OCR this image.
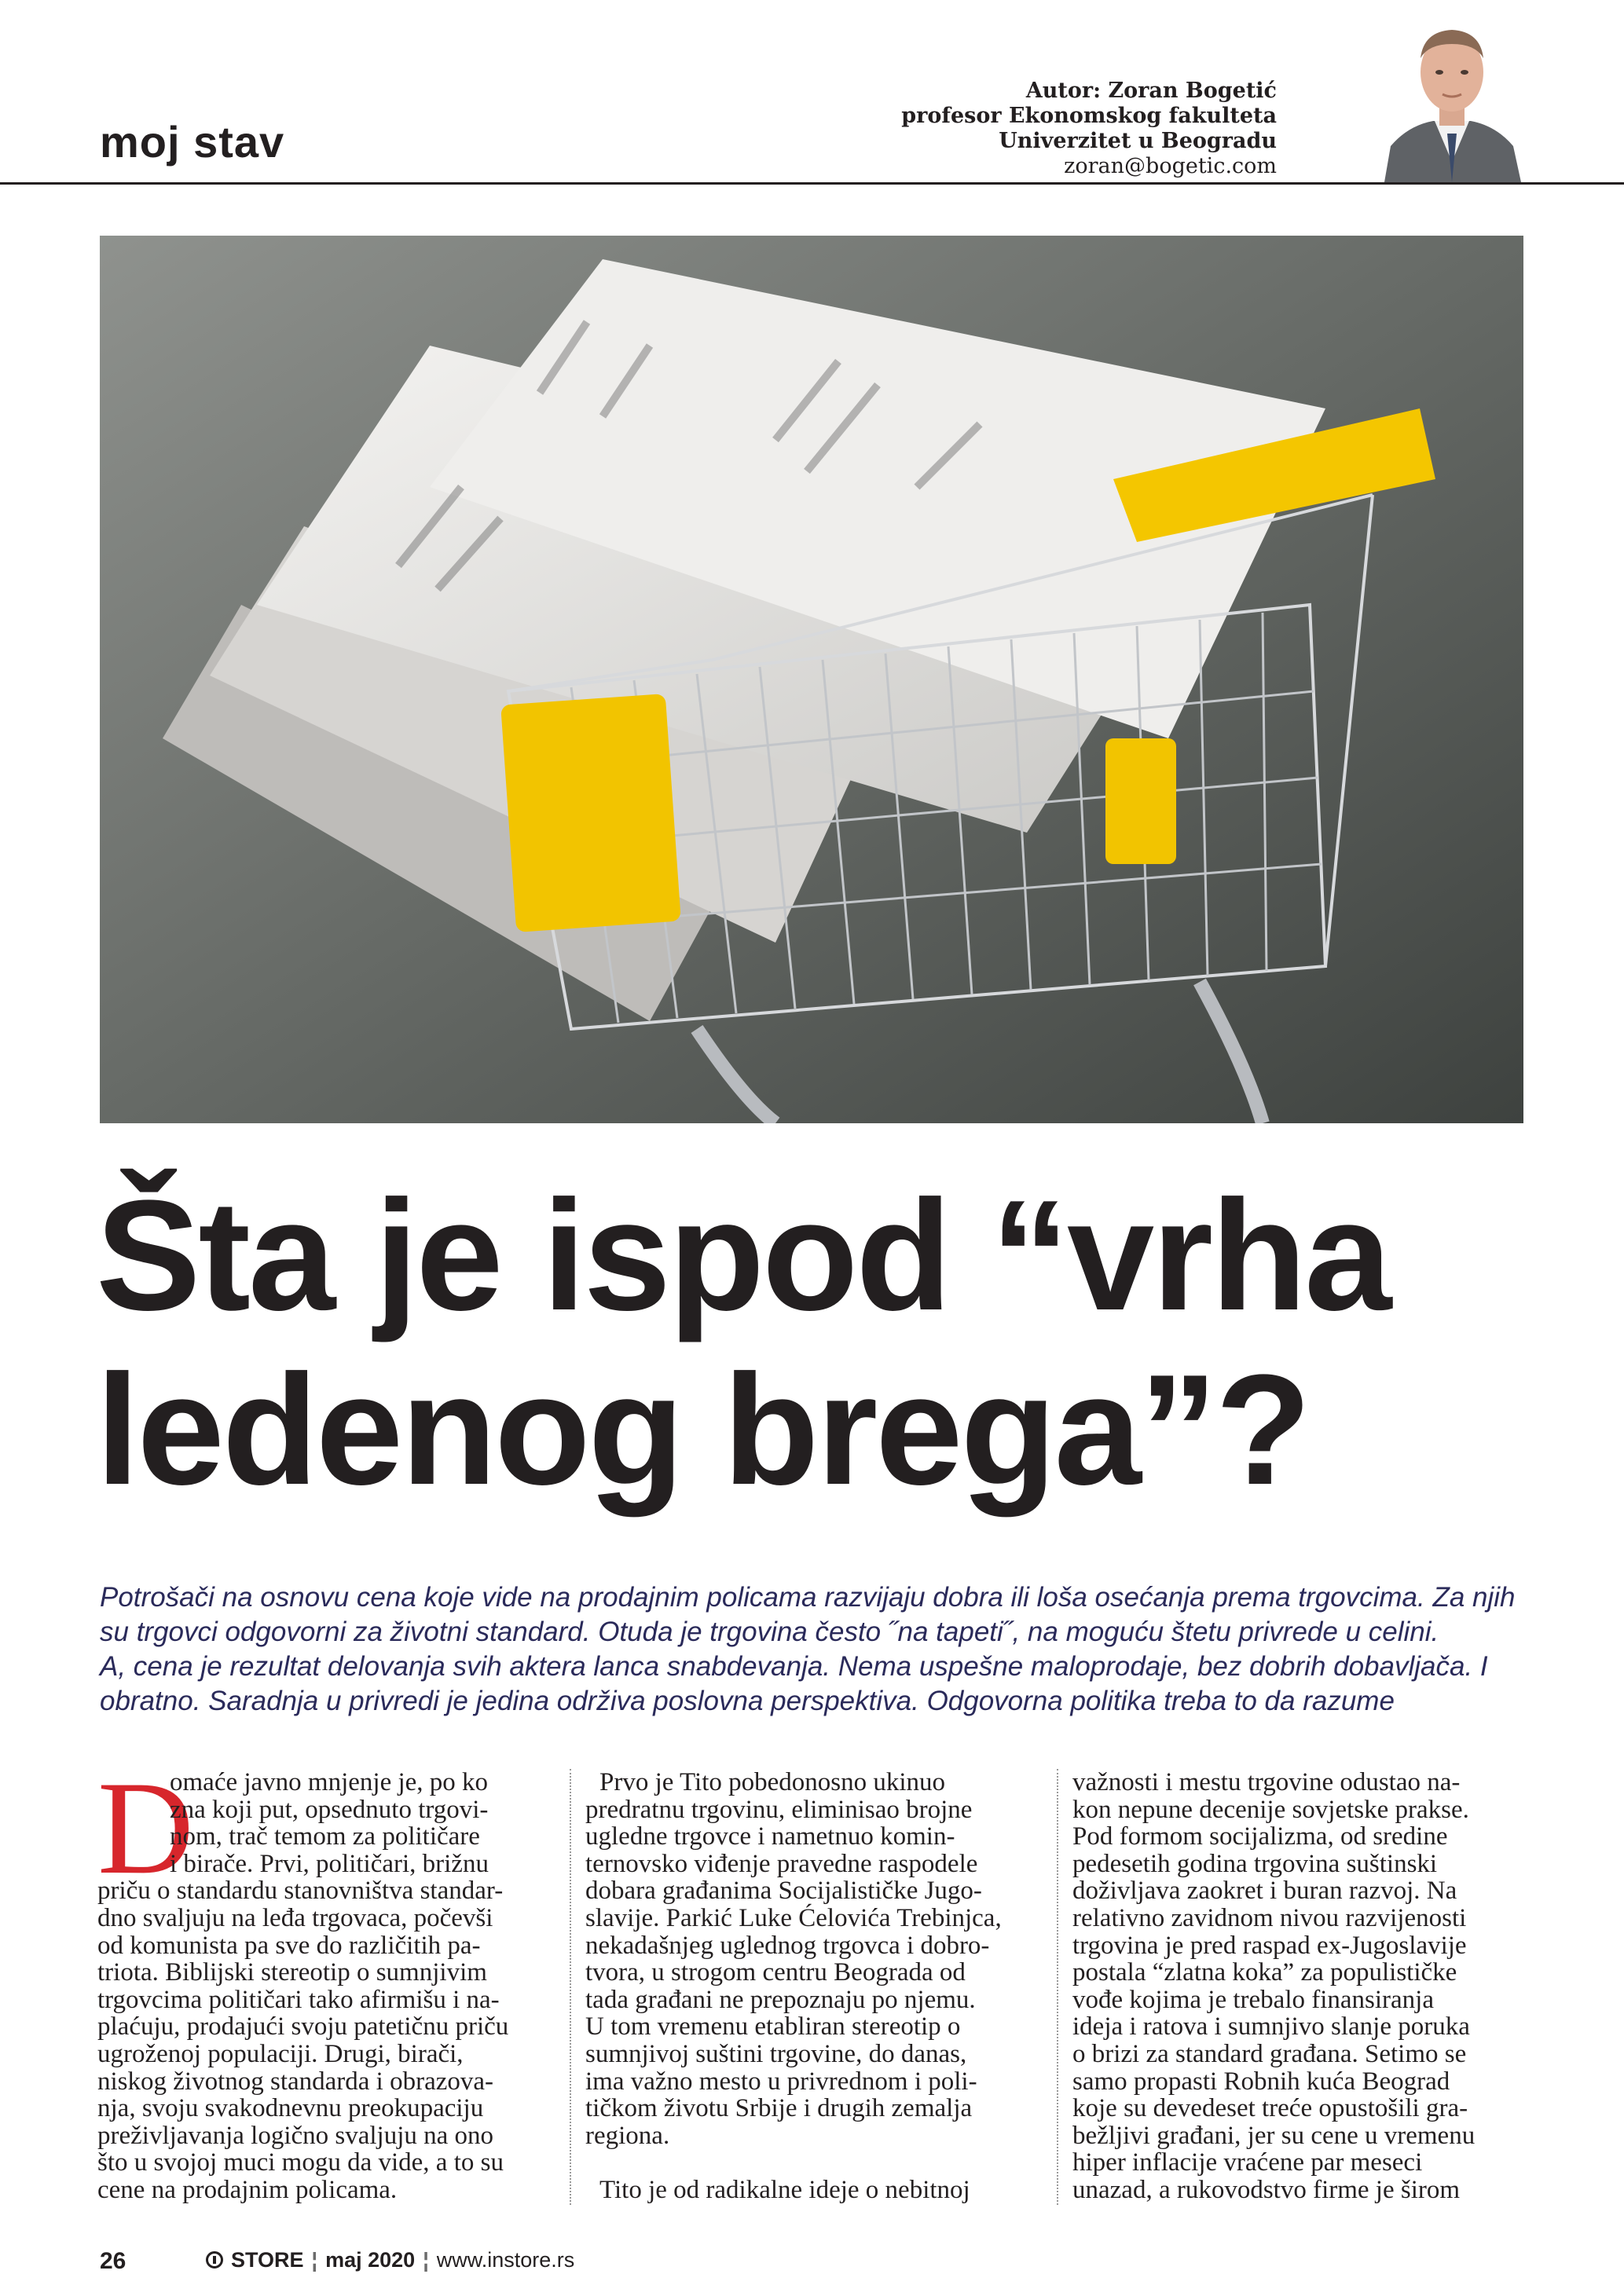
moj stav
Autor: Zoran Bogetić
profesor Ekonomskog fakulteta
Univerzitet u Beogradu
zoran@bogetic.com
Šta je ispod “vrha
ledenog brega”?
Potrošači na osnovu cena koje vide na prodajnim policama razvijaju dobra ili loša osećanja prema trgovcima. Za njih
su trgovci odgovorni za životni standard. Otuda je trgovina često ˝na tapeti˝, na moguću štetu privrede u celini.
A, cena je rezultat delovanja svih aktera lanca snabdevanja. Nema uspešne maloprodaje, bez dobrih dobavljača. I
obratno. Saradnja u privredi je jedina održiva poslovna perspektiva. Odgovorna politika treba to da razume
D
omaće javno mnjenje je, po ko
zna koji put, opsednuto trgovi-
nom, trač temom za političare
i birače. Prvi, političari, brižnu
priču o standardu stanovništva standar-
dno svaljuju na leđa trgovaca, počevši
od komunista pa sve do različitih pa-
triota. Biblijski stereotip o sumnjivim
trgovcima političari tako afirmišu i na-
plaćuju, prodajući svoju patetičnu priču
ugroženoj populaciji. Drugi, birači,
niskog životnog standarda i obrazova-
nja, svoju svakodnevnu preokupaciju
preživljavanja logično svaljuju na ono
što u svojoj muci mogu da vide, a to su
cene na prodajnim policama.
Prvo je Tito pobedonosno ukinuo
predratnu trgovinu, eliminisao brojne
ugledne trgovce i nametnuo komin-
ternovsko viđenje pravedne raspodele
dobara građanima Socijalističke Jugo-
slavije. Parkić Luke Ćelovića Trebinjca,
nekadašnjeg uglednog trgovca i dobro-
tvora, u strogom centru Beograda od
tada građani ne prepoznaju po njemu.
U tom vremenu etabliran stereotip o
sumnjivoj suštini trgovine, do danas,
ima važno mesto u privrednom i poli-
tičkom životu Srbije i drugih zemalja
regiona.
Tito je od radikalne ideje o nebitnoj
važnosti i mestu trgovine odustao na-
kon nepune decenije sovjetske prakse.
Pod formom socijalizma, od sredine
pedesetih godina trgovina suštinski
doživljava zaokret i buran razvoj. Na
relativno zavidnom nivou razvijenosti
trgovina je pred raspad ex-Jugoslavije
postala “zlatna koka” za populističke
vođe kojima je trebalo finansiranja
ideja i ratova i sumnjivo slanje poruka
o brizi za standard građana. Setimo se
samo propasti Robnih kuća Beograd
koje su devedeset treće opustošili gra-
bežljivi građani, jer su cene u vremenu
hiper inflacije vraćene par meseci
unazad, a rukovodstvo firme je širom
26	STORE ¦ maj 2020 ¦ www.instore.rs
